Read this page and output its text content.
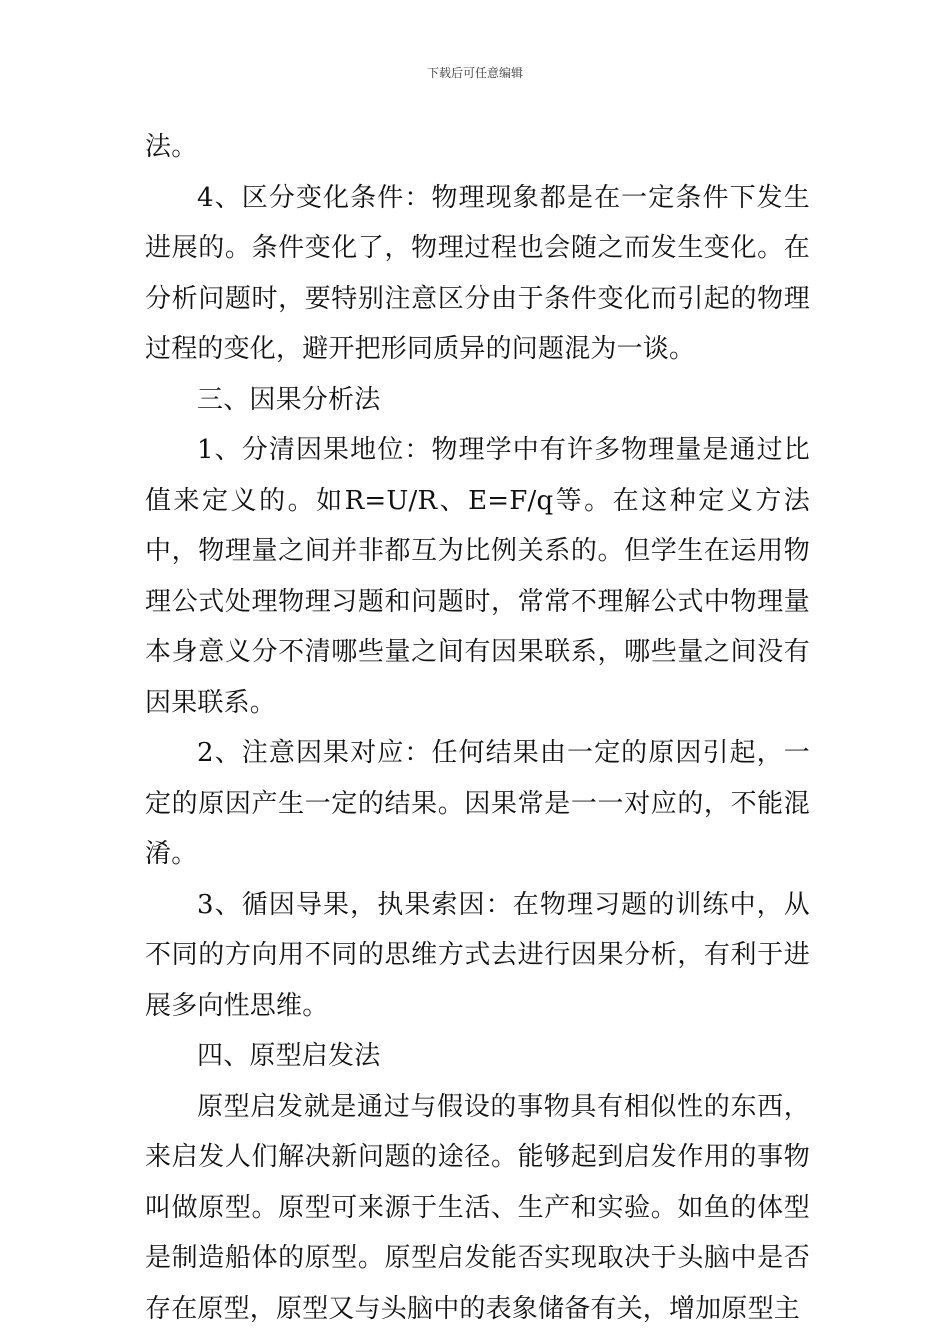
下载后可任意编辑

法。

4、区分变化条件：物理现象都是在一定条件下发生进展的。条件变化了，物理过程也会随之而发生变化。在分析问题时，要特别注意区分由于条件变化而引起的物理过程的变化，避开把形同质异的问题混为一谈。

三、因果分析法

1、分清因果地位：物理学中有许多物理量是通过比值来定义的。如R=U/R、E=F/q等。在这种定义方法中，物理量之间并非都互为比例关系的。但学生在运用物理公式处理物理习题和问题时，常常不理解公式中物理量本身意义分不清哪些量之间有因果联系，哪些量之间没有因果联系。

2、注意因果对应：任何结果由一定的原因引起，一定的原因产生一定的结果。因果常是一一对应的，不能混淆。

3、循因导果，执果索因：在物理习题的训练中，从不同的方向用不同的思维方式去进行因果分析，有利于进展多向性思维。

四、原型启发法

原型启发就是通过与假设的事物具有相似性的东西，来启发人们解决新问题的途径。能够起到启发作用的事物叫做原型。原型可来源于生活、生产和实验。如鱼的体型是制造船体的原型。原型启发能否实现取决于头脑中是否存在原型，原型又与头脑中的表象储备有关，增加原型主
